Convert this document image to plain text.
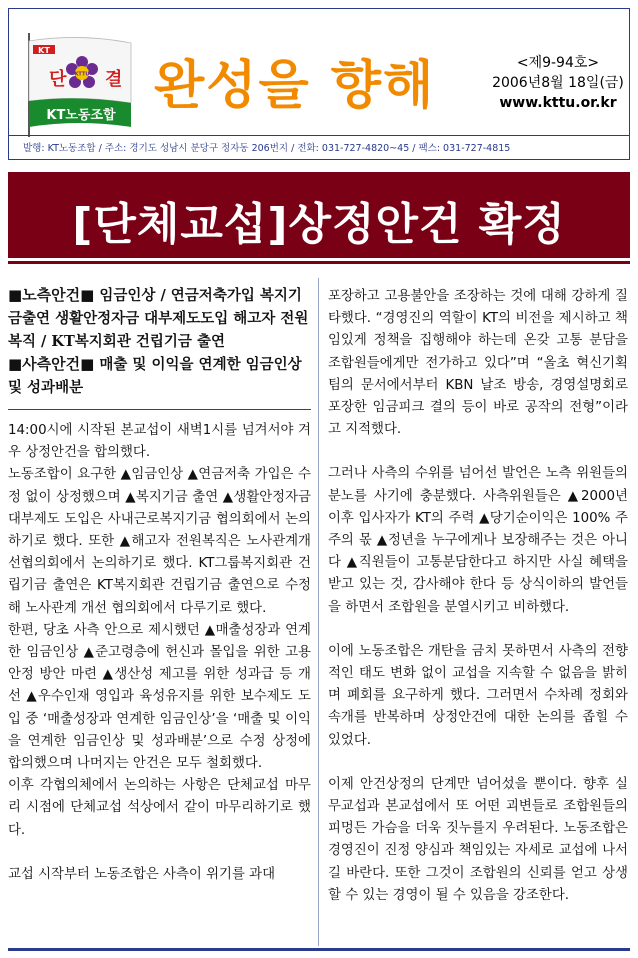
KT
단 결
KTTU
KT노동조합 완성을 향해	<제9-94호>
2006년8월 18일(금)
www.kttu.or.kr
발행: KT노동조합 / 주소: 경기도 성남시 분당구 정자동 206번지 / 전화: 031-727-4820~45 / 팩스: 031-727-4815
[단체교섭]상정안건 확정
■노측안건■ 임금인상 / 연금저축가입 복지기금출연 생활안정자금 대부제도도입 해고자 전원복직 / KT복지회관 건립기금 출연
■사측안건■ 매출 및 이익을 연계한 임금인상 및 성과배분

14:00시에 시작된 본교섭이 새벽1시를 넘겨서야 겨우 상정안건을 합의했다.

노동조합이 요구한 ▲임금인상 ▲연금저축 가입은 수정 없이 상정했으며 ▲복지기금 출연 ▲생활안정자금 대부제도 도입은 사내근로복지기금 협의회에서 논의하기로 했다. 또한 ▲해고자 전원복직은 노사관계개선협의회에서 논의하기로 했다. KT그룹복지회관 건립기금 출연은 KT복지회관 건립기금 출연으로 수정해 노사관계 개선 협의회에서 다루기로 했다.

한편, 당초 사측 안으로 제시했던 ▲매출성장과 연계한 임금인상 ▲준고령층에 헌신과 몰입을 위한 고용안정 방안 마련 ▲생산성 제고를 위한 성과급 등 개선 ▲우수인재 영입과 육성유지를 위한 보수제도 도입 중 ‘매출성장과 연계한 임금인상’을 ‘매출 및 이익을 연계한 임금인상 및 성과배분’으로 수정 상정에 합의했으며 나머지는 안건은 모두 철회했다.

이후 각협의체에서 논의하는 사항은 단체교섭 마무리 시점에 단체교섭 석상에서 같이 마무리하기로 했다.

교섭 시작부터 노동조합은 사측이 위기를 과대

포장하고 고용불안을 조장하는 것에 대해 강하게 질타했다. “경영진의 역할이 KT의 비전을 제시하고 책임있게 정책을 집행해야 하는데 온갖 고통 분담을 조합원들에게만 전가하고 있다”며 “올초 혁신기획팀의 문서에서부터 KBN 날조 방송, 경영설명회로 포장한 임금피크 결의 등이 바로 공작의 전형”이라고 지적했다.

그러나 사측의 수위를 넘어선 발언은 노측 위원들의 분노를 사기에 충분했다. 사측위원들은 ▲2000년 이후 입사자가 KT의 주력 ▲당기순이익은 100% 주주의 몫 ▲정년을 누구에게나 보장해주는 것은 아니다 ▲직원들이 고통분담한다고 하지만 사실 혜택을 받고 있는 것, 감사해야 한다 등 상식이하의 발언들을 하면서 조합원을 분열시키고 비하했다.

이에 노동조합은 개탄을 금치 못하면서 사측의 전향적인 태도 변화 없이 교섭을 지속할 수 없음을 밝히며 폐회를 요구하게 했다. 그러면서 수차례 정회와 속개를 반복하며 상정안건에 대한 논의를 좁힐 수 있었다.

이제 안건상정의 단계만 넘어섰을 뿐이다. 향후 실무교섭과 본교섭에서 또 어떤 괴변들로 조합원들의 피멍든 가슴을 더욱 짓누를지 우려된다. 노동조합은 경영진이 진정 양심과 책임있는 자세로 교섭에 나서길 바란다. 또한 그것이 조합원의 신뢰를 얻고 상생할 수 있는 경영이 될 수 있음을 강조한다.
